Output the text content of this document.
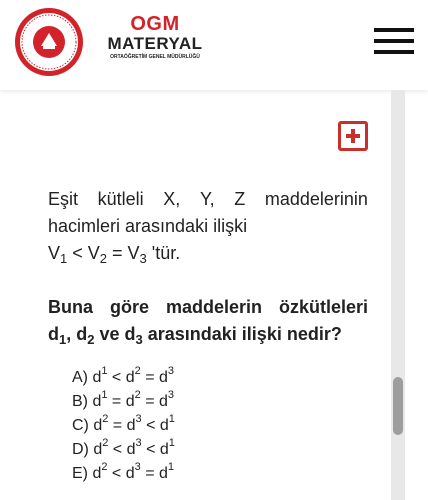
OGM
MATERYAL
ORTAÖĞRETİM GENEL MÜDÜRLÜĞÜ

Eşit kütleli X, Y, Z maddelerinin
hacimleri arasındaki ilişki
$V_1 < V_2 = V_3$ 'tür.

Buna göre maddelerin özkütleleri
$d_1$, $d_2$ ve $d_3$ arasındaki ilişki nedir?
A) $d^1 < d^2 = d^3$
B) $d^1 = d^2 = d^3$
C) $d^2 = d^3 < d^1$
D) $d^2 < d^3 < d^1$
E) $d^2 < d^3 = d^1$
